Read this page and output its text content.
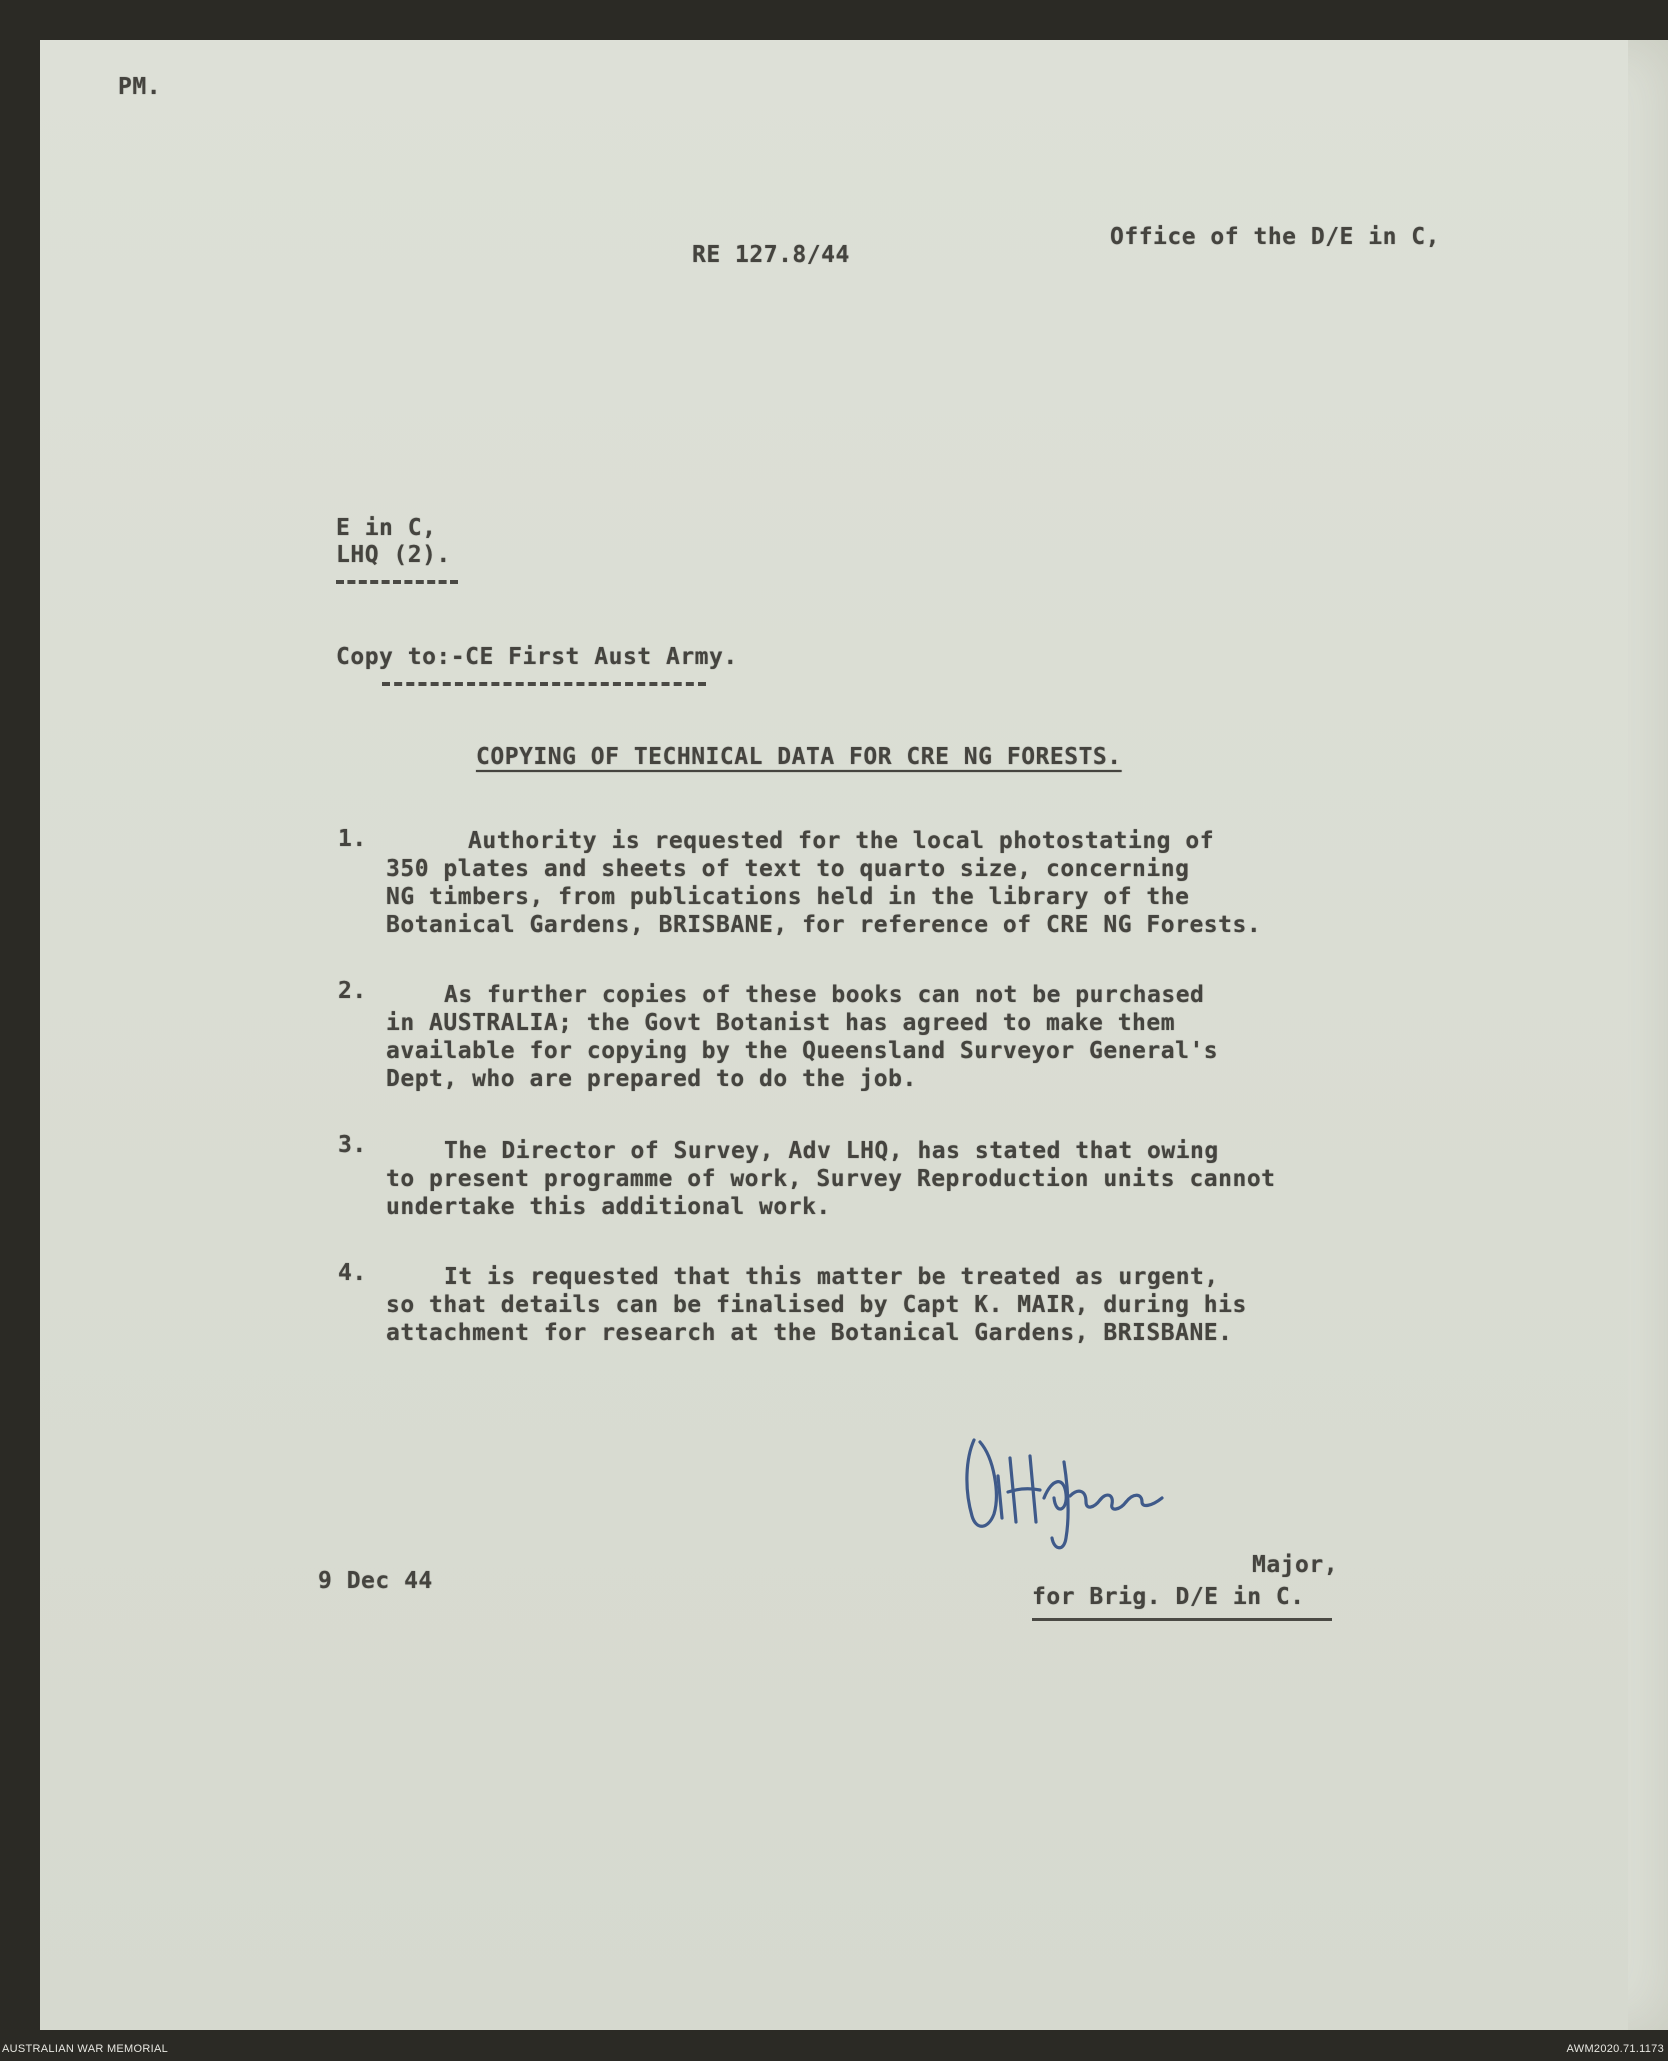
PM.
RE 127.8/44
Office of the D/E in C,
E in C,
LHQ (2).
Copy to:-CE First Aust Army.
COPYING OF TECHNICAL DATA FOR CRE NG FORESTS.
1.	Authority is requested for the local photostating of
350 plates and sheets of text to quarto size, concerning
NG timbers, from publications held in the library of the
Botanical Gardens, BRISBANE, for reference of CRE NG Forests.
2.	As further copies of these books can not be purchased
in AUSTRALIA; the Govt Botanist has agreed to make them
available for copying by the Queensland Surveyor General's
Dept, who are prepared to do the job.
3.	The Director of Survey, Adv LHQ, has stated that owing
to present programme of work, Survey Reproduction units cannot
undertake this additional work.
4.	It is requested that this matter be treated as urgent,
so that details can be finalised by Capt K. MAIR, during his
attachment for research at the Botanical Gardens, BRISBANE.
9 Dec 44
Major,
for Brig. D/E in C.
AUSTRALIAN WAR MEMORIAL	AWM2020.71.1173
